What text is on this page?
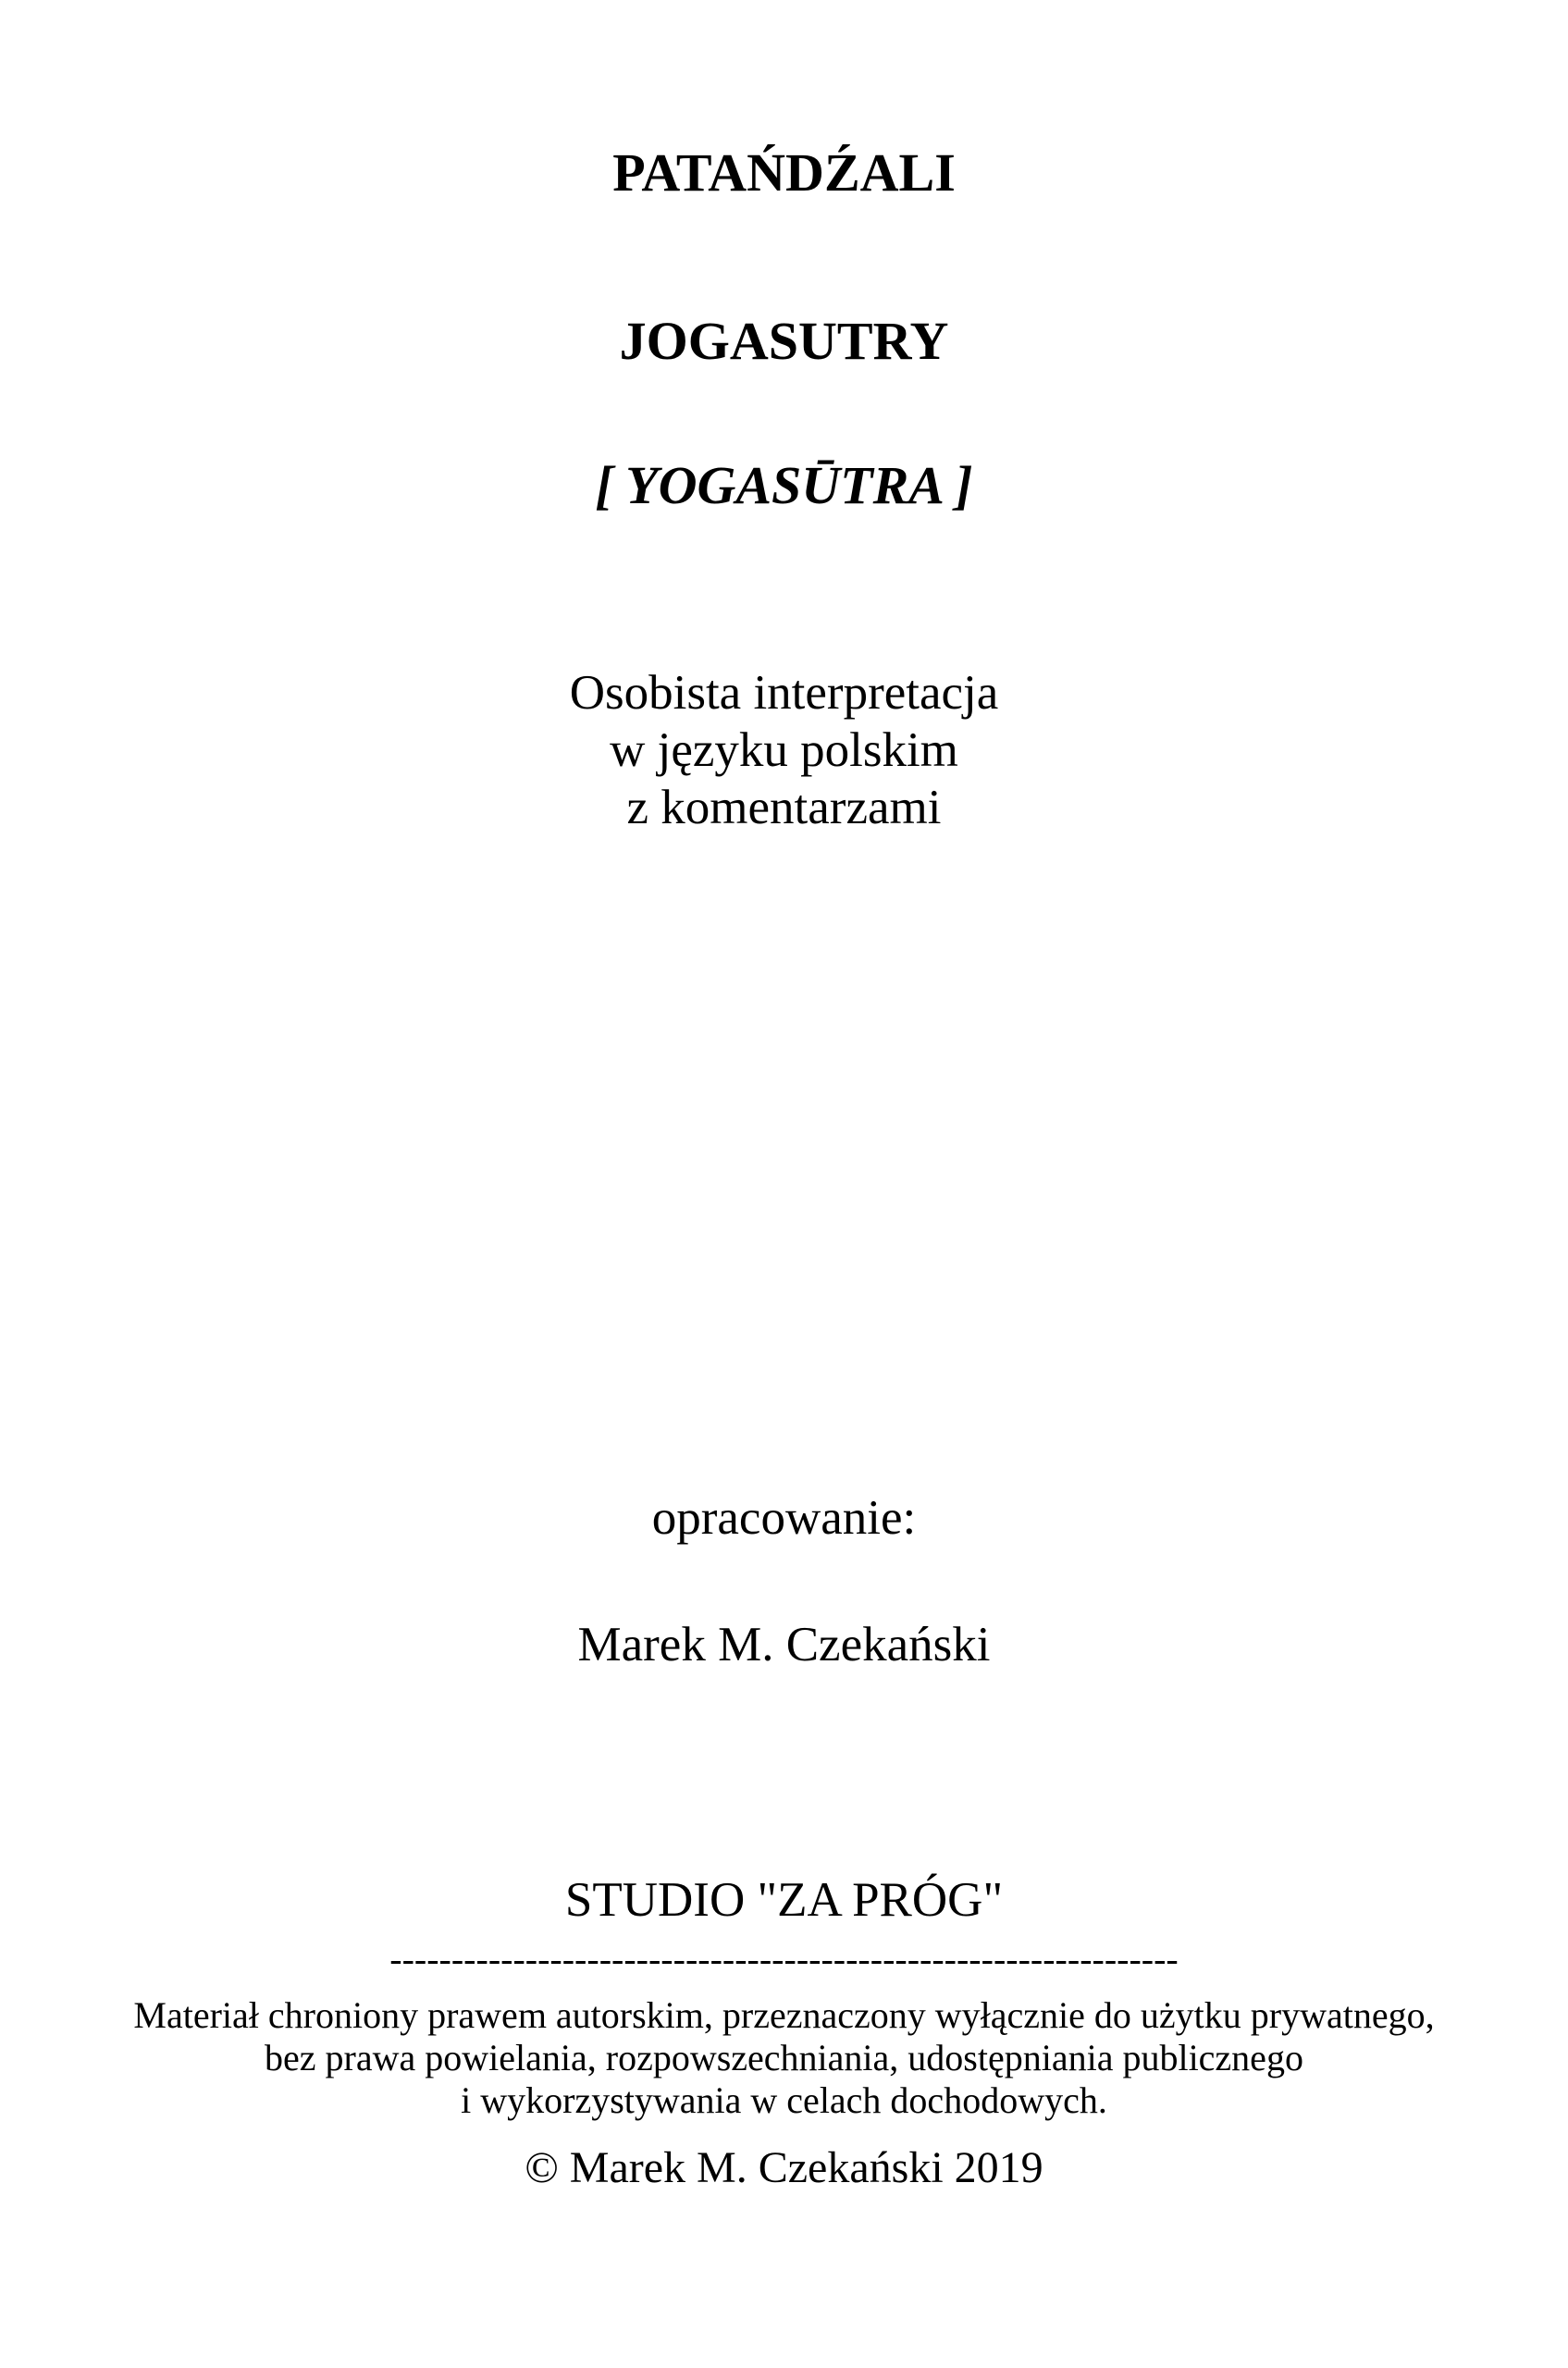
PATAŃDŹALI
JOGASUTRY
[ YOGASŪTRA ]
Osobista interpretacja
w języku polskim
z komentarzami
opracowanie:
Marek M. Czekański
STUDIO "ZA PRÓG"
----------------------------------------------------------------
Materiał chroniony prawem autorskim, przeznaczony wyłącznie do użytku prywatnego,
bez prawa powielania, rozpowszechniania, udostępniania publicznego
i wykorzystywania w celach dochodowych.
© Marek M. Czekański 2019
